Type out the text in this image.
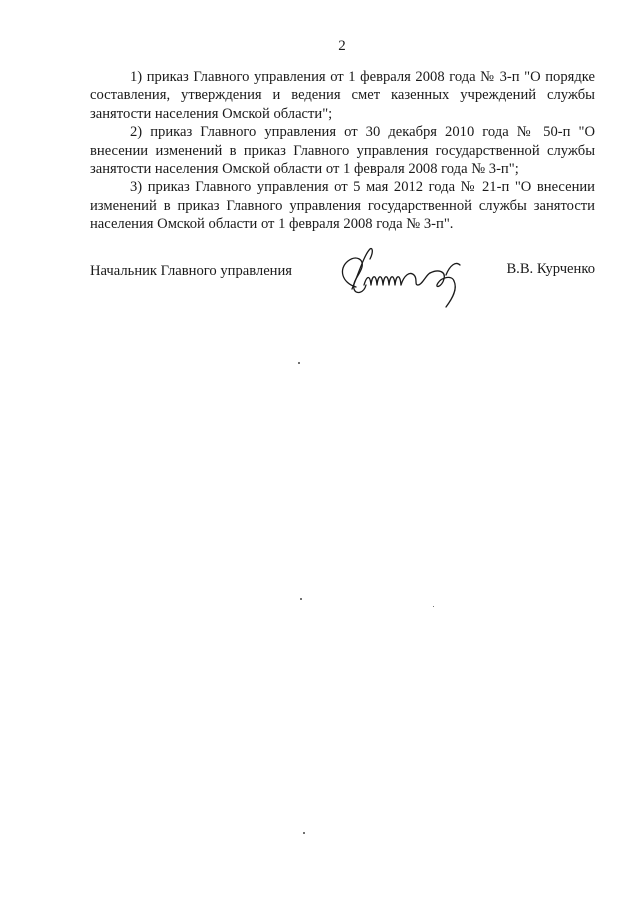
2

1) приказ Главного управления от 1 февраля 2008 года № 3-п "О порядке составления, утверждения и ведения смет казенных учреждений службы занятости населения Омской области";

2) приказ Главного управления от 30 декабря 2010 года № 50-п "О внесении изменений в приказ Главного управления государственной службы занятости населения Омской области от 1 февраля 2008 года № 3-п";

3) приказ Главного управления от 5 мая 2012 года № 21-п "О внесении изменений в приказ Главного управления государственной службы занятости населения Омской области от 1 февраля 2008 года № 3-п".

Начальник Главного управления	В.В. Курченко
